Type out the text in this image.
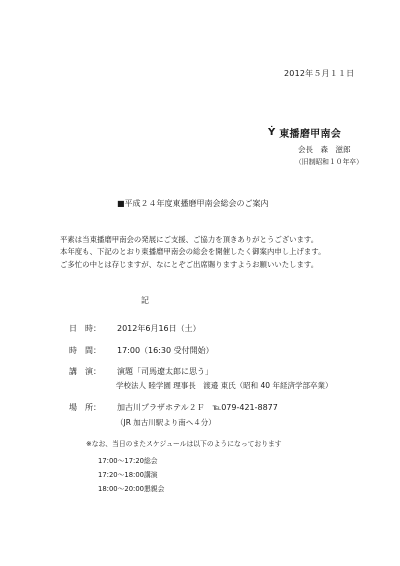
2012年５月１１日
Ẏ 東播磨甲南会
会長　森　滋郎
（旧制昭和１０年卒）
■平成２４年度東播磨甲南会総会のご案内
平素は当東播磨甲南会の発展にご支援、ご協力を頂きありがとうございます。
本年度も、下記のとおり東播磨甲南会の総会を開催したく御案内申し上げます。
ご多忙の中とは存じますが、なにとぞご出席賜りますようお願いいたします。
記
日　時： 2012年6月16日（土）
時　間： 17:00（16:30 受付開始）
講　演： 演題「司馬遼太郎に思う」
学校法人 睦学園 理事長　渡邉 東氏（昭和 40 年経済学部卒業）
場　所： 加古川プラザホテル２Ｆ　℡079-421-8877
（JR 加古川駅より南へ４分）
※なお、当日のまたスケジュールは以下のようになっております
17:00〜17:20総会
17:20〜18:00講演
18:00〜20:00懇親会
